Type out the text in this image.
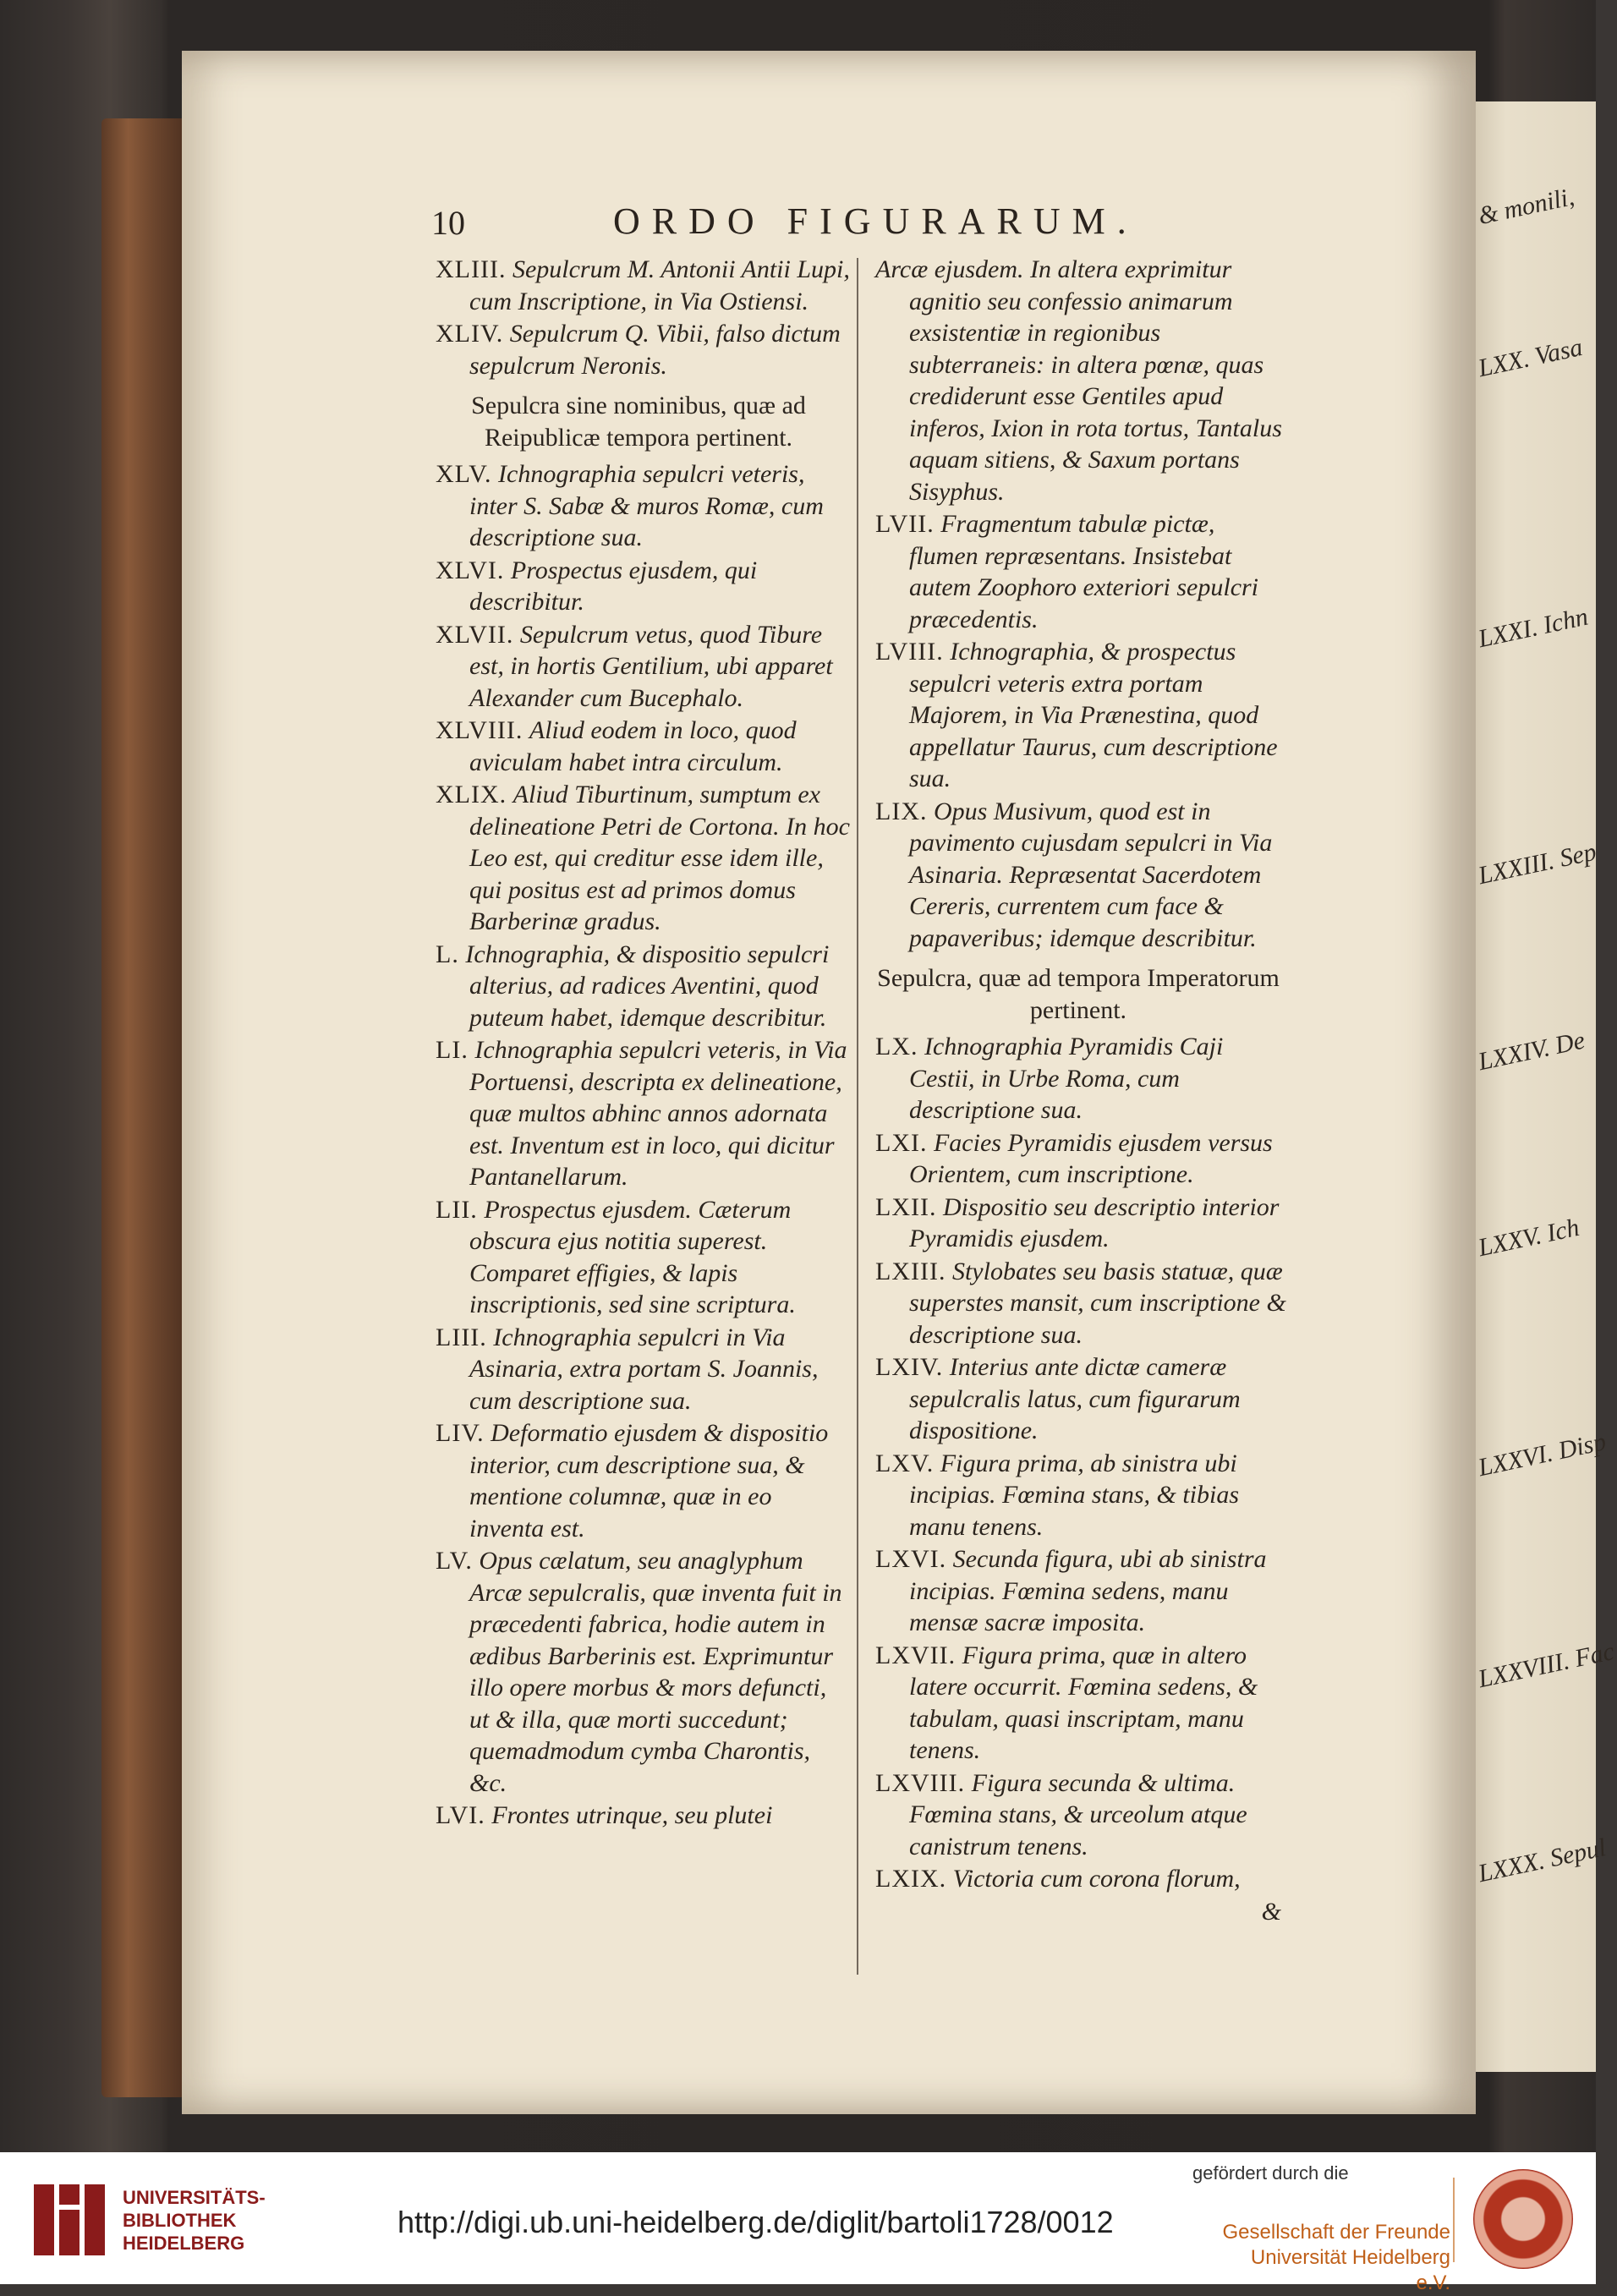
& monili,
LXX. Vasa
LXXI. Ichn
LXXIII. Sep
LXXIV. De
LXXV. Ich
LXXVI. Disp
LXXVIII. Fac
LXXX. Sepul
10	ORDO FIGURARUM.
XLIII. Sepulcrum M. Antonii Antii Lupi, cum Inscriptione, in Via Ostiensi.
XLIV. Sepulcrum Q. Vibii, falso dictum sepulcrum Neronis.
Sepulcra sine nominibus, quæ ad Reipublicæ tempora pertinent.
XLV. Ichnographia sepulcri veteris, inter S. Sabæ & muros Romæ, cum descriptione sua.
XLVI. Prospectus ejusdem, qui describitur.
XLVII. Sepulcrum vetus, quod Tibure est, in hortis Gentilium, ubi apparet Alexander cum Bucephalo.
XLVIII. Aliud eodem in loco, quod aviculam habet intra circulum.
XLIX. Aliud Tiburtinum, sumptum ex delineatione Petri de Cortona. In hoc Leo est, qui creditur esse idem ille, qui positus est ad primos domus Barberinæ gradus.
L. Ichnographia, & dispositio sepulcri alterius, ad radices Aventini, quod puteum habet, idemque describitur.
LI. Ichnographia sepulcri veteris, in Via Portuensi, descripta ex delineatione, quæ multos abhinc annos adornata est. Inventum est in loco, qui dicitur Pantanellarum.
LII. Prospectus ejusdem. Cæterum obscura ejus notitia superest. Comparet effigies, & lapis inscriptionis, sed sine scriptura.
LIII. Ichnographia sepulcri in Via Asinaria, extra portam S. Joannis, cum descriptione sua.
LIV. Deformatio ejusdem & dispositio interior, cum descriptione sua, & mentione columnæ, quæ in eo inventa est.
LV. Opus cælatum, seu anaglyphum Arcæ sepulcralis, quæ inventa fuit in præcedenti fabrica, hodie autem in ædibus Barberinis est. Exprimuntur illo opere morbus & mors defuncti, ut & illa, quæ morti succedunt; quemadmodum cymba Charontis, &c.
LVI. Frontes utrinque, seu plutei
Arcæ ejusdem. In altera exprimitur agnitio seu confessio animarum exsistentiæ in regionibus subterraneis: in altera pœnæ, quas crediderunt esse Gentiles apud inferos, Ixion in rota tortus, Tantalus aquam sitiens, & Saxum portans Sisyphus.
LVII. Fragmentum tabulæ pictæ, flumen repræsentans. Insistebat autem Zoophoro exteriori sepulcri præcedentis.
LVIII. Ichnographia, & prospectus sepulcri veteris extra portam Majorem, in Via Prænestina, quod appellatur Taurus, cum descriptione sua.
LIX. Opus Musivum, quod est in pavimento cujusdam sepulcri in Via Asinaria. Repræsentat Sacerdotem Cereris, currentem cum face & papaveribus; idemque describitur.
Sepulcra, quæ ad tempora Imperatorum pertinent.
LX. Ichnographia Pyramidis Caji Cestii, in Urbe Roma, cum descriptione sua.
LXI. Facies Pyramidis ejusdem versus Orientem, cum inscriptione.
LXII. Dispositio seu descriptio interior Pyramidis ejusdem.
LXIII. Stylobates seu basis statuæ, quæ superstes mansit, cum inscriptione & descriptione sua.
LXIV. Interius ante dictæ cameræ sepulcralis latus, cum figurarum dispositione.
LXV. Figura prima, ab sinistra ubi incipias. Fœmina stans, & tibias manu tenens.
LXVI. Secunda figura, ubi ab sinistra incipias. Fœmina sedens, manu mensæ sacræ imposita.
LXVII. Figura prima, quæ in altero latere occurrit. Fœmina sedens, & tabulam, quasi inscriptam, manu tenens.
LXVIII. Figura secunda & ultima. Fœmina stans, & urceolum atque canistrum tenens.
LXIX. Victoria cum corona florum,
&
UNIVERSITÄTS-
BIBLIOTHEK
HEIDELBERG
http://digi.ub.uni-heidelberg.de/diglit/bartoli1728/0012
gefördert durch die
Gesellschaft der Freunde
Universität Heidelberg e.V.
